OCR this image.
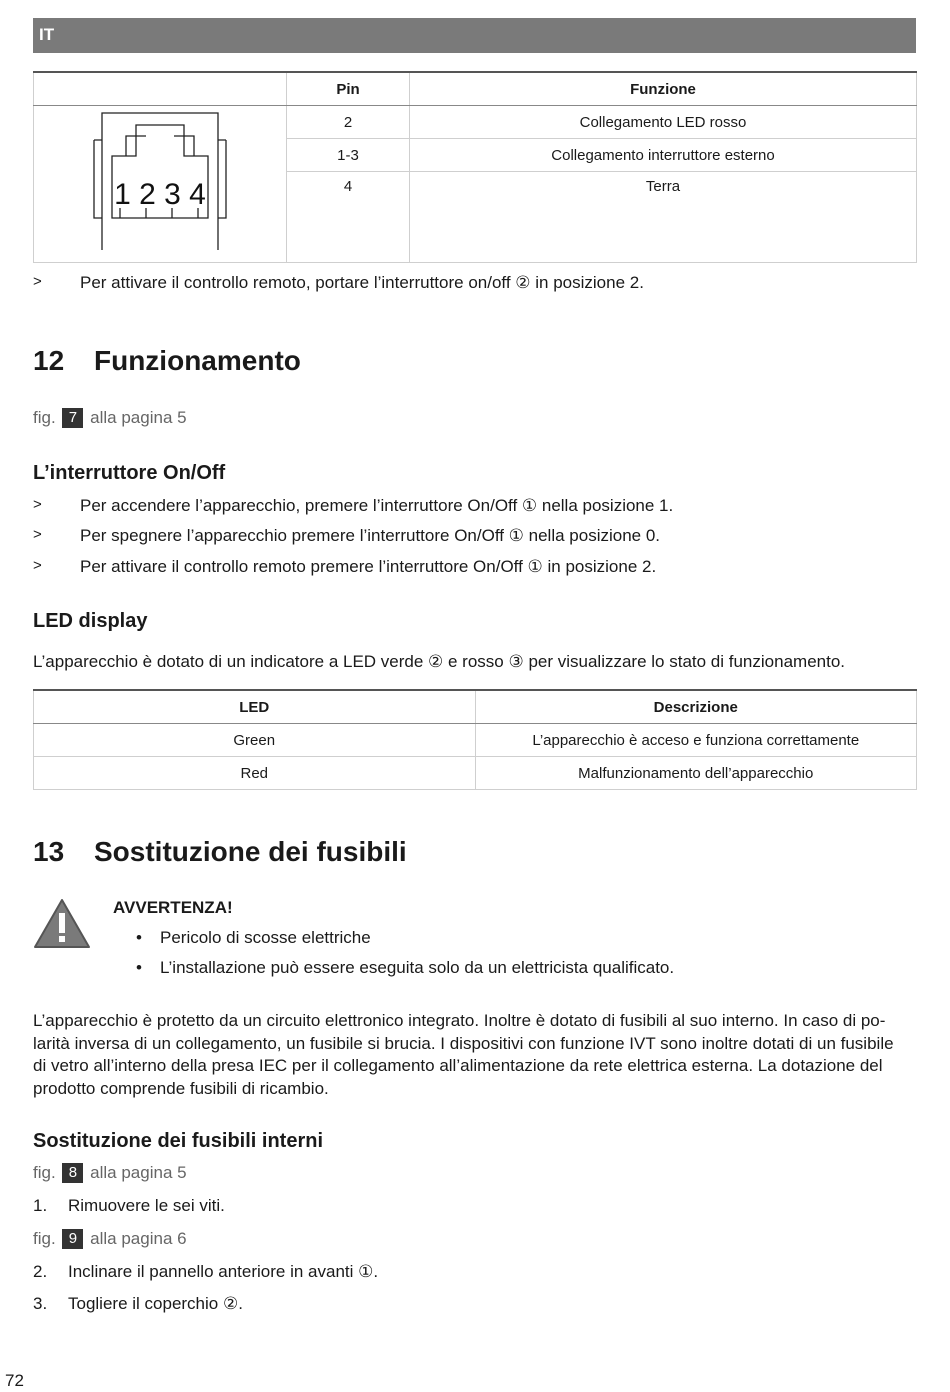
IT
	Pin	Funzione

1 2 3 4	2	Collegamento LED rosso
	1-3	Collegamento interruttore esterno
	4	Terra
> Per attivare il controllo remoto, portare l’interruttore on/off ② in posizione 2.
12 Funzionamento
fig. 7 alla pagina 5
L’interruttore On/Off
> Per accendere l’apparecchio, premere l’interruttore On/Off ① nella posizione 1.
> Per spegnere l’apparecchio premere l’interruttore On/Off ① nella posizione 0.
> Per attivare il controllo remoto premere l’interruttore On/Off ① in posizione 2.
LED display
L’apparecchio è dotato di un indicatore a LED verde ② e rosso ③ per visualizzare lo stato di funzionamento.
LED	Descrizione
Green	L’apparecchio è acceso e funziona correttamente
Red	Malfunzionamento dell’apparecchio
13 Sostituzione dei fusibili
AVVERTENZA!
• Pericolo di scosse elettriche
• L’installazione può essere eseguita solo da un elettricista qualificato.
L’apparecchio è protetto da un circuito elettronico integrato. Inoltre è dotato di fusibili al suo interno. In caso di po-
larità inversa di un collegamento, un fusibile si brucia. I dispositivi con funzione IVT sono inoltre dotati di un fusibile
di vetro all’interno della presa IEC per il collegamento all’alimentazione da rete elettrica esterna. La dotazione del
prodotto comprende fusibili di ricambio.
Sostituzione dei fusibili interni
fig. 8 alla pagina 5
1. Rimuovere le sei viti.
fig. 9 alla pagina 6
2. Inclinare il pannello anteriore in avanti ①.
3. Togliere il coperchio ②.
72
